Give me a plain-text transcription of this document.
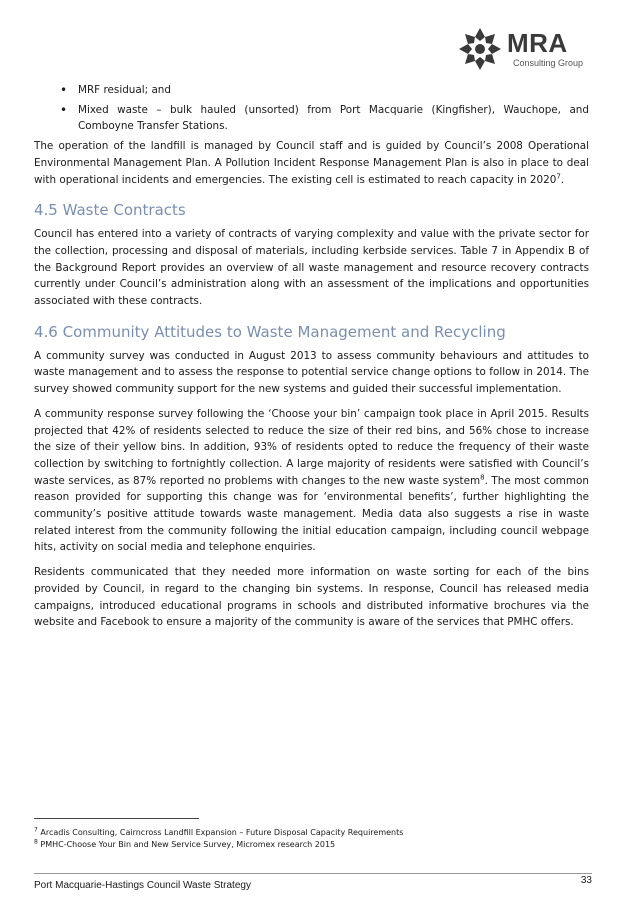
MRA
Consulting Group
• MRF residual; and
• Mixed waste – bulk hauled (unsorted) from Port Macquarie (Kingfisher), Wauchope, and Comboyne Transfer Stations.

The operation of the landfill is managed by Council staff and is guided by Council’s 2008 Operational Environmental Management Plan. A Pollution Incident Response Management Plan is also in place to deal with operational incidents and emergencies. The existing cell is estimated to reach capacity in 2020$^7$.

4.5 Waste Contracts

Council has entered into a variety of contracts of varying complexity and value with the private sector for the collection, processing and disposal of materials, including kerbside services. Table 7 in Appendix B of the Background Report provides an overview of all waste management and resource recovery contracts currently under Council’s administration along with an assessment of the implications and opportunities associated with these contracts.

4.6 Community Attitudes to Waste Management and Recycling

A community survey was conducted in August 2013 to assess community behaviours and attitudes to waste management and to assess the response to potential service change options to follow in 2014. The survey showed community support for the new systems and guided their successful implementation.

A community response survey following the ‘Choose your bin’ campaign took place in April 2015. Results projected that 42% of residents selected to reduce the size of their red bins, and 56% chose to increase the size of their yellow bins. In addition, 93% of residents opted to reduce the frequency of their waste collection by switching to fortnightly collection. A large majority of residents were satisfied with Council’s waste services, as 87% reported no problems with changes to the new waste system$^8$. The most common reason provided for supporting this change was for ‘environmental benefits’, further highlighting the community’s positive attitude towards waste management. Media data also suggests a rise in waste related interest from the community following the initial education campaign, including council webpage hits, activity on social media and telephone enquiries.

Residents communicated that they needed more information on waste sorting for each of the bins provided by Council, in regard to the changing bin systems. In response, Council has released media campaigns, introduced educational programs in schools and distributed informative brochures via the website and Facebook to ensure a majority of the community is aware of the services that PMHC offers.

$^7$ Arcadis Consulting, Cairncross Landfill Expansion – Future Disposal Capacity Requirements
$^8$ PMHC-Choose Your Bin and New Service Survey, Micromex research 2015
Port Macquarie-Hastings Council Waste Strategy	33
